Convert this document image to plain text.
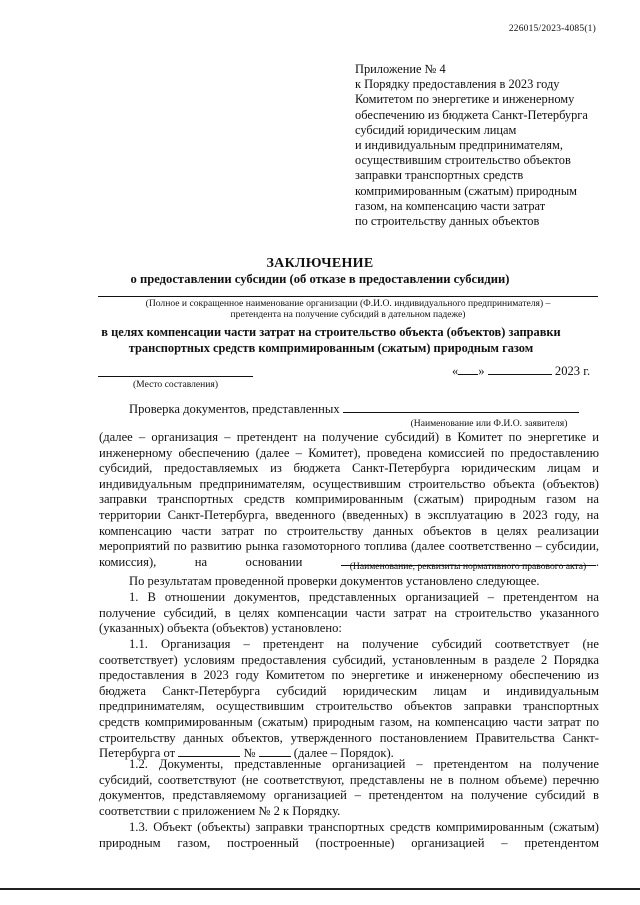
226015/2023-4085(1)
Приложение № 4
к Порядку предоставления в 2023 году
Комитетом по энергетике и инженерному
обеспечению из бюджета Санкт-Петербурга
субсидий юридическим лицам
и индивидуальным предпринимателям,
осуществившим строительство объектов
заправки транспортных средств
компримированным (сжатым) природным
газом, на компенсацию части затрат
по строительству данных объектов
ЗАКЛЮЧЕНИЕ
о предоставлении субсидии (об отказе в предоставлении субсидии)
(Полное и сокращенное наименование организации (Ф.И.О. индивидуального предпринимателя) –
претендента на получение субсидий в дательном падеже)
в целях компенсации части затрат на строительство объекта (объектов) заправки транспортных средств компримированным (сжатым) природным газом
(Место составления)
« »	2023 г.
Проверка документов, представленных
(Наименование или Ф.И.О. заявителя)
(далее – организация – претендент на получение субсидий) в Комитет по энергетике и инженерному обеспечению (далее – Комитет), проведена комиссией по предоставлению субсидий, предоставляемых из бюджета Санкт-Петербурга юридическим лицам и индивидуальным предпринимателям, осуществившим строительство объекта (объектов) заправки транспортных средств компримированным (сжатым) природным газом на территории Санкт-Петербурга, введенного (введенных) в эксплуатацию в 2023 году, на компенсацию части затрат по строительству данных объектов в целях реализации мероприятий по развитию рынка газомоторного топлива (далее соответственно – субсидии, комиссия), на основании	.
(Наименование, реквизиты нормативного правового акта)
По результатам проведенной проверки документов установлено следующее.
1. В отношении документов, представленных организацией – претендентом на получение субсидий, в целях компенсации части затрат на строительство указанного (указанных) объекта (объектов) установлено:
1.1. Организация – претендент на получение субсидий соответствует (не соответствует) условиям предоставления субсидий, установленным в разделе 2 Порядка предоставления в 2023 году Комитетом по энергетике и инженерному обеспечению из бюджета Санкт-Петербурга субсидий юридическим лицам и индивидуальным предпринимателям, осуществившим строительство объектов заправки транспортных средств компримированным (сжатым) природным газом, на компенсацию части затрат по строительству данных объектов, утвержденного постановлением Правительства Санкт-Петербурга от	№	(далее – Порядок).
1.2. Документы, представленные организацией – претендентом на получение субсидий, соответствуют (не соответствуют, представлены не в полном объеме) перечню документов, представляемому организацией – претендентом на получение субсидий в соответствии с приложением № 2 к Порядку.
1.3. Объект (объекты) заправки транспортных средств компримированным (сжатым) природным газом, построенный (построенные) организацией – претендентом
